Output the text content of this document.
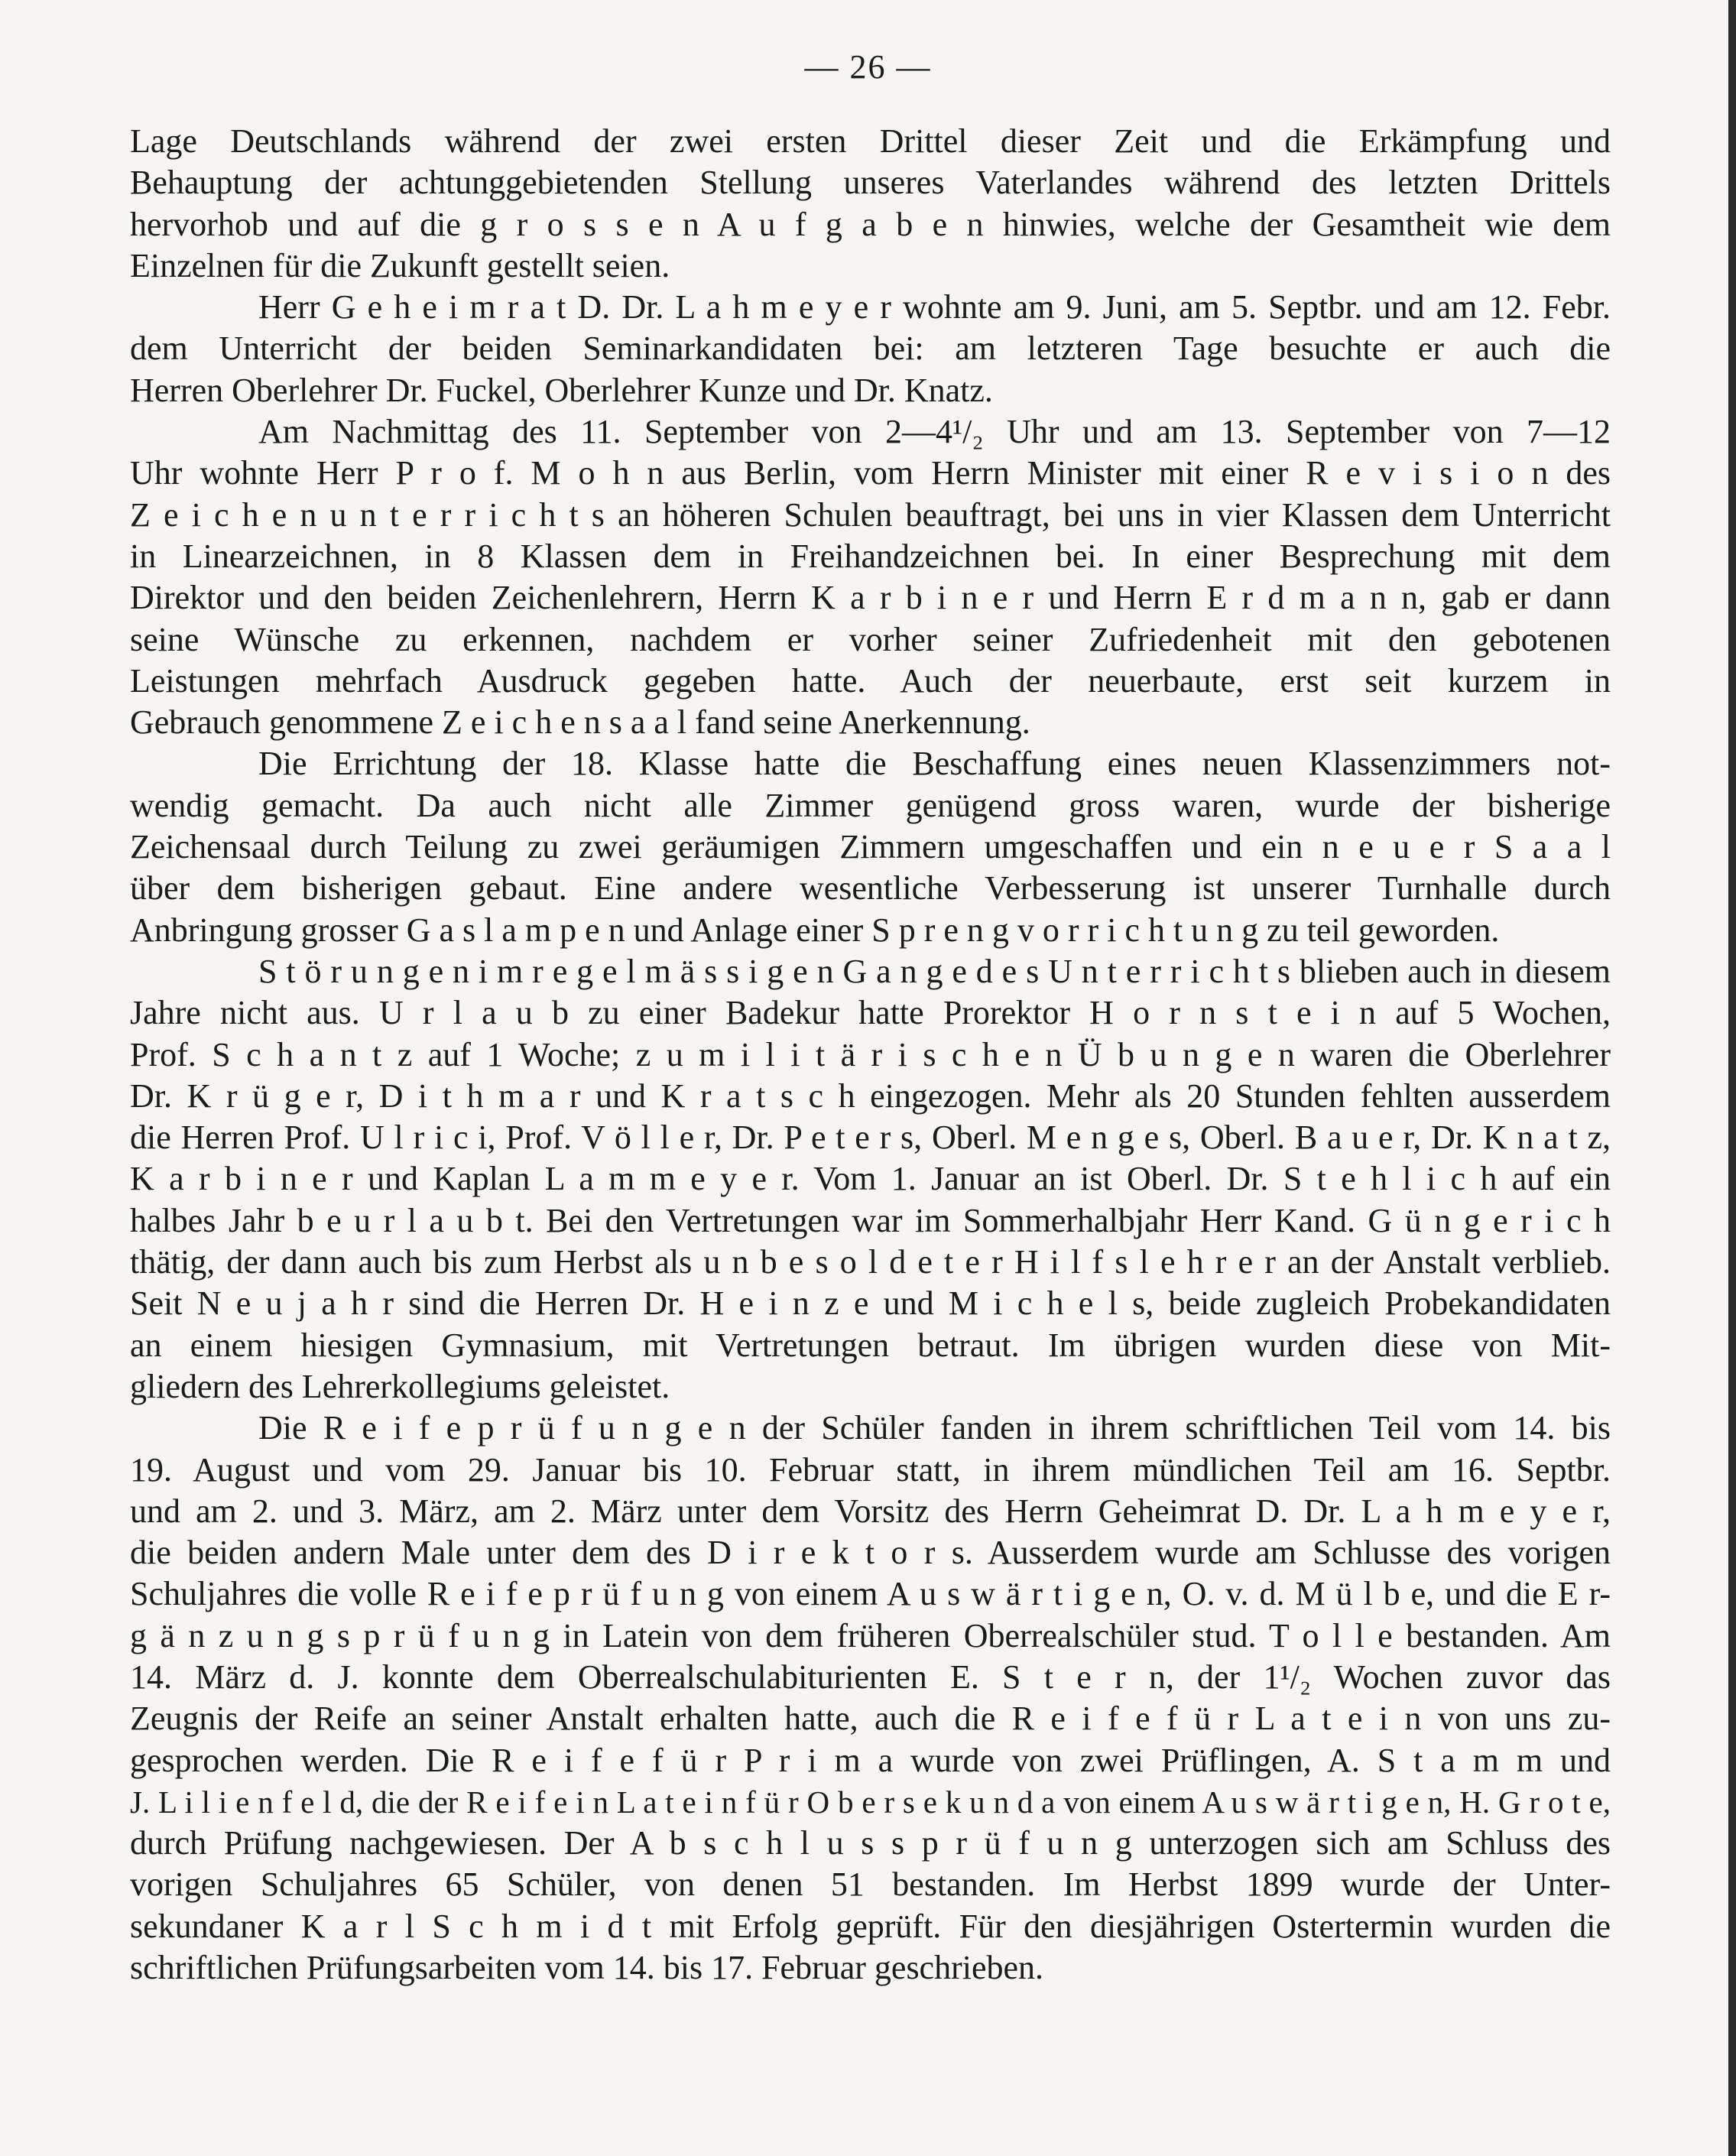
— 26 —
Lage Deutschlands während der zwei ersten Drittel dieser Zeit und die Erkämpfung und
Behauptung der achtunggebietenden Stellung unseres Vaterlandes während des letzten Drittels
hervorhob und auf die g r o s s e n A u f g a b e n hinwies, welche der Gesamtheit wie dem
Einzelnen für die Zukunft gestellt seien.
Herr G e h e i m r a t D. Dr. L a h m e y e r wohnte am 9. Juni, am 5. Septbr. und am 12. Febr.
dem Unterricht der beiden Seminarkandidaten bei: am letzteren Tage besuchte er auch die
Herren Oberlehrer Dr. Fuckel, Oberlehrer Kunze und Dr. Knatz.
Am Nachmittag des 11. September von 2—4¹/₂ Uhr und am 13. September von 7—12
Uhr wohnte Herr P r o f. M o h n aus Berlin, vom Herrn Minister mit einer R e v i s i o n des
Z e i c h e n u n t e r r i c h t s an höheren Schulen beauftragt, bei uns in vier Klassen dem Unterricht
in Linearzeichnen, in 8 Klassen dem in Freihandzeichnen bei. In einer Besprechung mit dem
Direktor und den beiden Zeichenlehrern, Herrn K a r b i n e r und Herrn E r d m a n n, gab er dann
seine Wünsche zu erkennen, nachdem er vorher seiner Zufriedenheit mit den gebotenen
Leistungen mehrfach Ausdruck gegeben hatte. Auch der neuerbaute, erst seit kurzem in
Gebrauch genommene Z e i c h e n s a a l fand seine Anerkennung.
Die Errichtung der 18. Klasse hatte die Beschaffung eines neuen Klassenzimmers not-
wendig gemacht. Da auch nicht alle Zimmer genügend gross waren, wurde der bisherige
Zeichensaal durch Teilung zu zwei geräumigen Zimmern umgeschaffen und ein n e u e r S a a l
über dem bisherigen gebaut. Eine andere wesentliche Verbesserung ist unserer Turnhalle durch
Anbringung grosser G a s l a m p e n und Anlage einer S p r e n g v o r r i c h t u n g zu teil geworden.
S t ö r u n g e n i m r e g e l m ä s s i g e n G a n g e d e s U n t e r r i c h t s blieben auch in diesem
Jahre nicht aus. U r l a u b zu einer Badekur hatte Prorektor H o r n s t e i n auf 5 Wochen,
Prof. S c h a n t z auf 1 Woche; z u m i l i t ä r i s c h e n Ü b u n g e n waren die Oberlehrer
Dr. K r ü g e r, D i t h m a r und K r a t s c h eingezogen. Mehr als 20 Stunden fehlten ausserdem
die Herren Prof. U l r i c i, Prof. V ö l l e r, Dr. P e t e r s, Oberl. M e n g e s, Oberl. B a u e r, Dr. K n a t z,
K a r b i n e r und Kaplan L a m m e y e r. Vom 1. Januar an ist Oberl. Dr. S t e h l i c h auf ein
halbes Jahr b e u r l a u b t. Bei den Vertretungen war im Sommerhalbjahr Herr Kand. G ü n g e r i c h
thätig, der dann auch bis zum Herbst als u n b e s o l d e t e r H i l f s l e h r e r an der Anstalt verblieb.
Seit N e u j a h r sind die Herren Dr. H e i n z e und M i c h e l s, beide zugleich Probekandidaten
an einem hiesigen Gymnasium, mit Vertretungen betraut. Im übrigen wurden diese von Mit-
gliedern des Lehrerkollegiums geleistet.
Die R e i f e p r ü f u n g e n der Schüler fanden in ihrem schriftlichen Teil vom 14. bis
19. August und vom 29. Januar bis 10. Februar statt, in ihrem mündlichen Teil am 16. Septbr.
und am 2. und 3. März, am 2. März unter dem Vorsitz des Herrn Geheimrat D. Dr. L a h m e y e r,
die beiden andern Male unter dem des D i r e k t o r s. Ausserdem wurde am Schlusse des vorigen
Schuljahres die volle R e i f e p r ü f u n g von einem A u s w ä r t i g e n, O. v. d. M ü l b e, und die E r-
g ä n z u n g s p r ü f u n g in Latein von dem früheren Oberrealschüler stud. T o l l e bestanden. Am
14. März d. J. konnte dem Oberrealschulabiturienten E. S t e r n, der 1¹/₂ Wochen zuvor das
Zeugnis der Reife an seiner Anstalt erhalten hatte, auch die R e i f e f ü r L a t e i n von uns zu-
gesprochen werden. Die R e i f e f ü r P r i m a wurde von zwei Prüflingen, A. S t a m m und
J. L i l i e n f e l d, die der R e i f e i n L a t e i n f ü r O b e r s e k u n d a von einem A u s w ä r t i g e n, H. G r o t e,
durch Prüfung nachgewiesen. Der A b s c h l u s s p r ü f u n g unterzogen sich am Schluss des
vorigen Schuljahres 65 Schüler, von denen 51 bestanden. Im Herbst 1899 wurde der Unter-
sekundaner K a r l S c h m i d t mit Erfolg geprüft. Für den diesjährigen Ostertermin wurden die
schriftlichen Prüfungsarbeiten vom 14. bis 17. Februar geschrieben.
